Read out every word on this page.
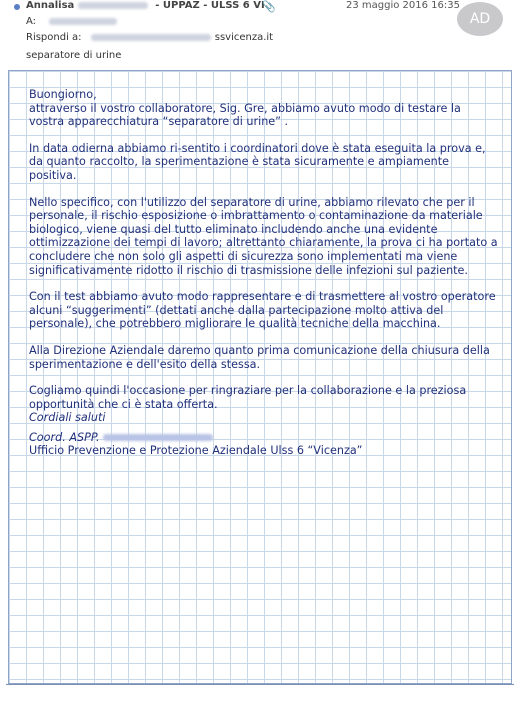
Annalisa	- UPPAZ - ULSS 6 VI
📎	23 maggio 2016 16:35
AD
A:
Rispondi a:	ssvicenza.it
separatore di urine

Buongiorno,

attraverso il vostro collaboratore, Sig. Gre, abbiamo avuto modo di testare la vostra apparecchiatura “separatore di urine” .

In data odierna abbiamo ri-sentito i coordinatori dove è stata eseguita la prova e, da quanto raccolto, la sperimentazione è stata sicuramente e ampiamente positiva.

Nello specifico, con l'utilizzo del separatore di urine, abbiamo rilevato che per il personale, il rischio esposizione o imbrattamento o contaminazione da materiale biologico, viene quasi del tutto eliminato includendo anche una evidente ottimizzazione dei tempi di lavoro; altrettanto chiaramente, la prova ci ha portato a concludere che non solo gli aspetti di sicurezza sono implementati ma viene significativamente ridotto il rischio di trasmissione delle infezioni sul paziente.

Con il test abbiamo avuto modo rappresentare e di trasmettere al vostro operatore alcuni “suggerimenti” (dettati anche dalla partecipazione molto attiva del personale), che potrebbero migliorare le qualità tecniche della macchina.

Alla Direzione Aziendale daremo quanto prima comunicazione della chiusura della sperimentazione e dell'esito della stessa.

Cogliamo quindi l'occasione per ringraziare per la collaborazione e la preziosa opportunità che ci è stata offerta.

Cordiali saluti

Coord. ASPP.
Ufficio Prevenzione e Protezione Aziendale Ulss 6 “Vicenza”
